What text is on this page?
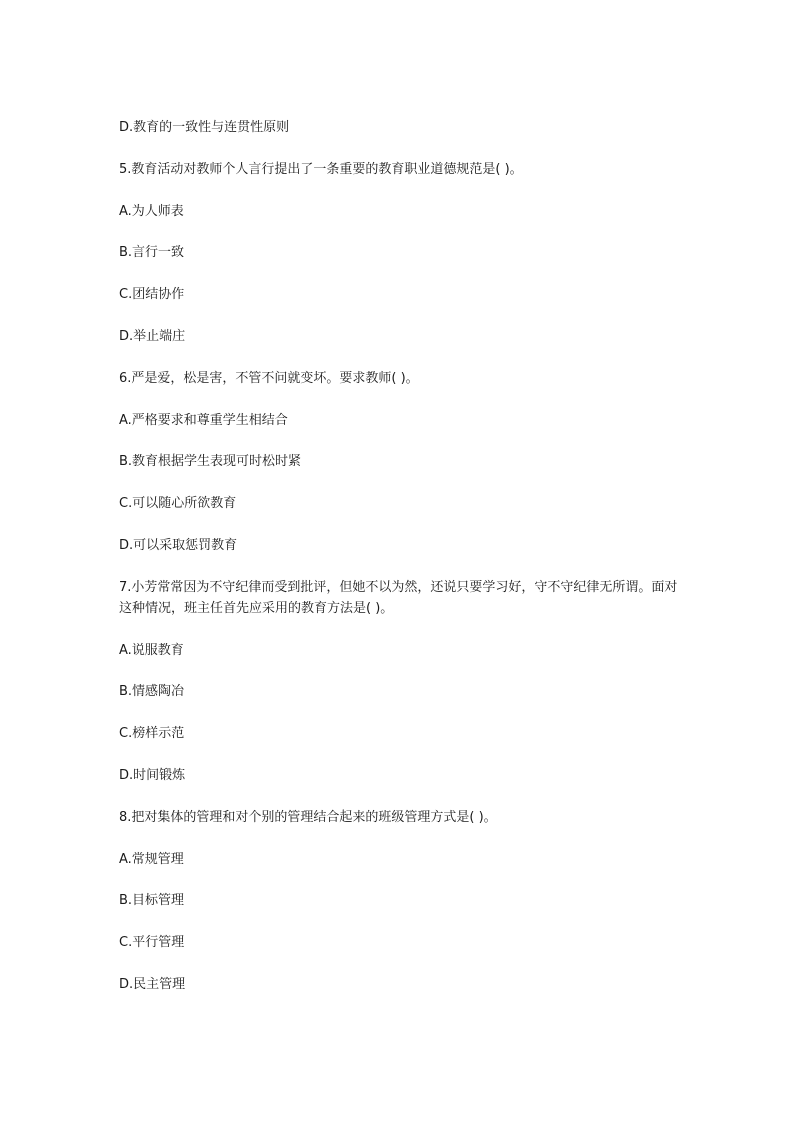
D.教育的一致性与连贯性原则

5.教育活动对教师个人言行提出了一条重要的教育职业道德规范是( )。

A.为人师表

B.言行一致

C.团结协作

D.举止端庄

6.严是爱，松是害，不管不问就变坏。要求教师( )。

A.严格要求和尊重学生相结合

B.教育根据学生表现可时松时紧

C.可以随心所欲教育

D.可以采取惩罚教育

7.小芳常常因为不守纪律而受到批评，但她不以为然，还说只要学习好，守不守纪律无所谓。面对这种情况，班主任首先应采用的教育方法是( )。

A.说服教育

B.情感陶冶

C.榜样示范

D.时间锻炼

8.把对集体的管理和对个别的管理结合起来的班级管理方式是( )。

A.常规管理

B.目标管理

C.平行管理

D.民主管理
